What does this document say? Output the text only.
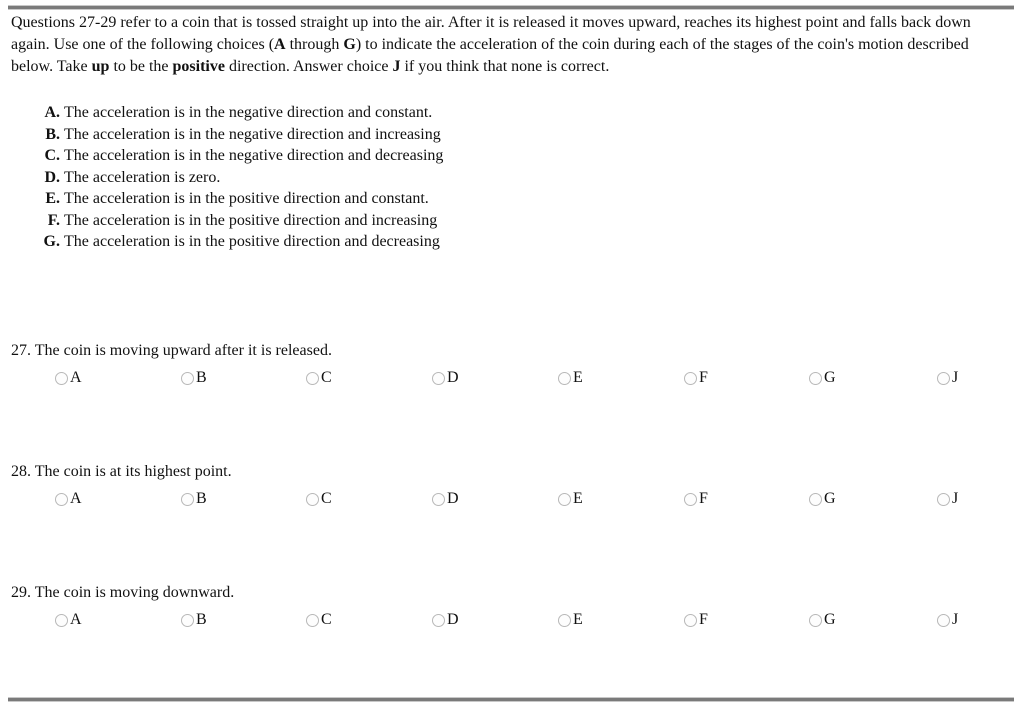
Questions 27-29 refer to a coin that is tossed straight up into the air. After it is released it moves upward, reaches its highest point and falls back down again. Use one of the following choices (A through G) to indicate the acceleration of the coin during each of the stages of the coin's motion described below. Take up to be the positive direction. Answer choice J if you think that none is correct.
A. The acceleration is in the negative direction and constant.
B. The acceleration is in the negative direction and increasing
C. The acceleration is in the negative direction and decreasing
D. The acceleration is zero.
E. The acceleration is in the positive direction and constant.
F. The acceleration is in the positive direction and increasing
G. The acceleration is in the positive direction and decreasing
27. The coin is moving upward after it is released.
A	B	C	D	E	F	G	J
28. The coin is at its highest point.
A	B	C	D	E	F	G	J
29. The coin is moving downward.
A	B	C	D	E	F	G	J
